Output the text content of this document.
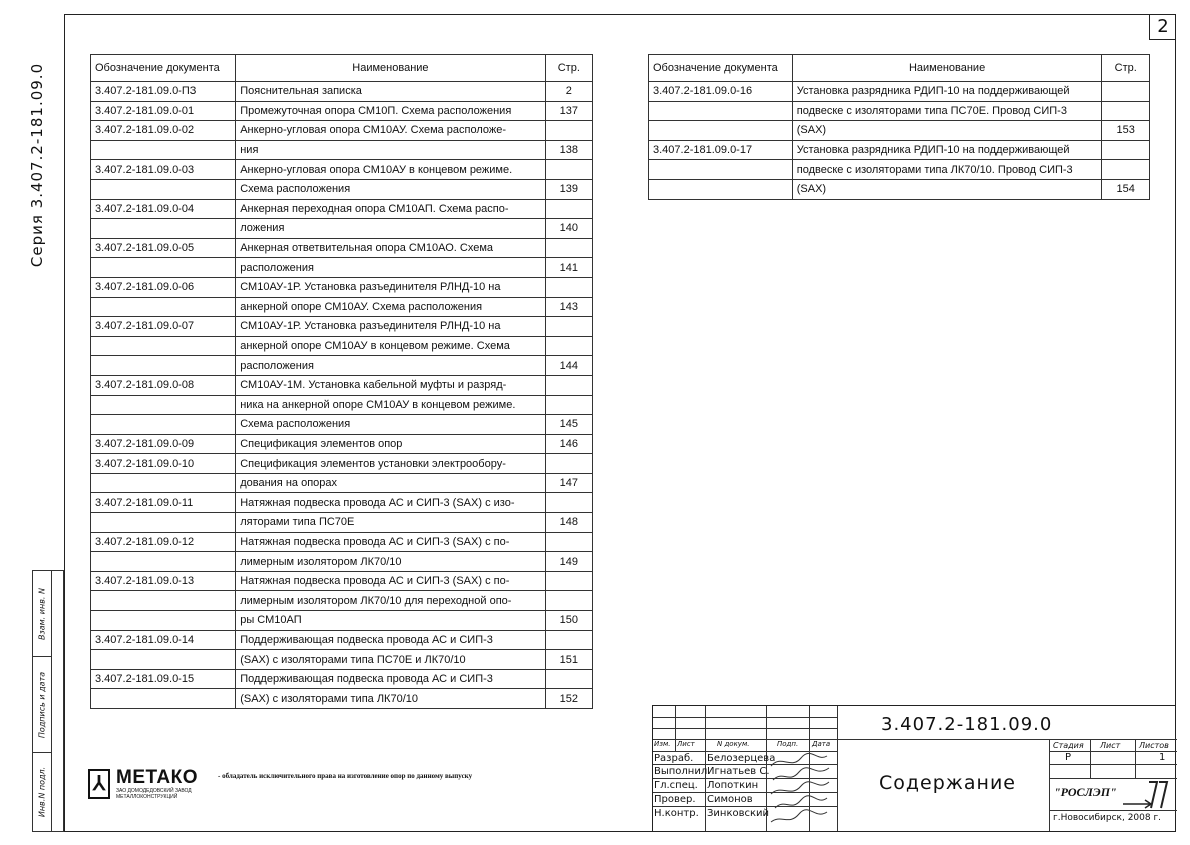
2
Серия 3.407.2-181.09.0
Взам. инв. N
Подпись и дата
Инв.N подл.
Обозначение документа	Наименование	Стр.
3.407.2-181.09.0-ПЗ	Пояснительная записка	2
3.407.2-181.09.0-01	Промежуточная опора СМ10П. Схема расположения	137
3.407.2-181.09.0-02	Анкерно-угловая опора СМ10АУ. Схема расположе-	
	ния	138
3.407.2-181.09.0-03	Анкерно-угловая опора СМ10АУ в концевом режиме.	
	Схема расположения	139
3.407.2-181.09.0-04	Анкерная переходная опора СМ10АП. Схема распо-	
	ложения	140
3.407.2-181.09.0-05	Анкерная ответвительная опора СМ10АО. Схема	
	расположения	141
3.407.2-181.09.0-06	СМ10АУ-1Р. Установка разъединителя РЛНД-10 на	
	анкерной опоре СМ10АУ. Схема расположения	143
3.407.2-181.09.0-07	СМ10АУ-1Р. Установка разъединителя РЛНД-10 на	
	анкерной опоре СМ10АУ в концевом режиме. Схема	
	расположения	144
3.407.2-181.09.0-08	СМ10АУ-1М. Установка кабельной муфты и разряд-	
	ника на анкерной опоре СМ10АУ в концевом режиме.	
	Схема расположения	145
3.407.2-181.09.0-09	Спецификация элементов опор	146
3.407.2-181.09.0-10	Спецификация элементов установки электрообору-	
	дования на опорах	147
3.407.2-181.09.0-11	Натяжная подвеска провода АС и СИП-3 (SAX) с изо-	
	ляторами типа ПС70Е	148
3.407.2-181.09.0-12	Натяжная подвеска провода АС и СИП-3 (SAX) с по-	
	лимерным изолятором ЛК70/10	149
3.407.2-181.09.0-13	Натяжная подвеска провода АС и СИП-3 (SAX) с по-	
	лимерным изолятором ЛК70/10 для переходной опо-	
	ры СМ10АП	150
3.407.2-181.09.0-14	Поддерживающая подвеска провода АС и СИП-3	
	(SAX) с изоляторами типа ПС70Е и ЛК70/10	151
3.407.2-181.09.0-15	Поддерживающая подвеска провода АС и СИП-3	
	(SAX) с изоляторами типа ЛК70/10	152
Обозначение документа	Наименование	Стр.
3.407.2-181.09.0-16	Установка разрядника РДИП-10 на поддерживающей	
	подвеске с изоляторами типа ПС70Е. Провод СИП-3	
	(SAX)	153
3.407.2-181.09.0-17	Установка разрядника РДИП-10 на поддерживающей	
	подвеске с изоляторами типа ЛК70/10. Провод СИП-3	
	(SAX)	154
⅄ МЕТАКО
ЗАО ДОМОДЕДОВСКИЙ ЗАВОД МЕТАЛЛОКОНСТРУКЦИЙ
- обладатель исключительного права на изготовление опор по данному выпуску
3.407.2-181.09.0
Изм. Лист	N докум.	Подп. Дата
Разраб. Белозерцева
Выполнил Игнатьев С.
Гл.спец. Лопоткин
Провер. Симонов
Н.контр. Зинковский
Содержание
Стадия Лист Листов
Р	1
"РОСЛЭП"
г.Новосибирск, 2008 г.
